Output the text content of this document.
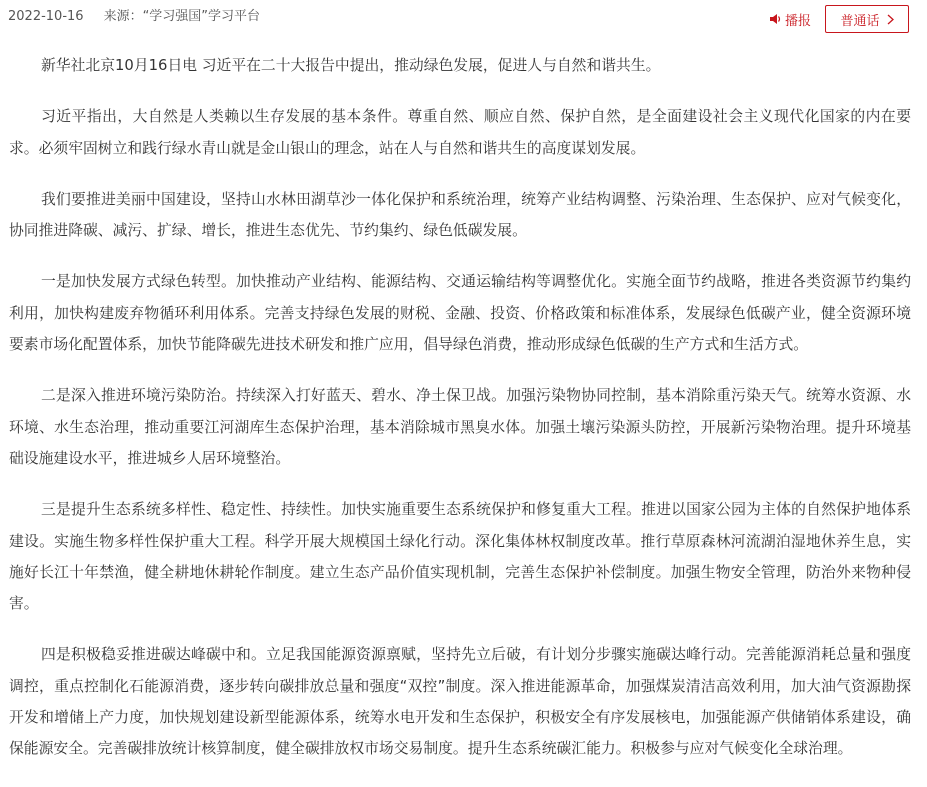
2022-10-16 来源：“学习强国”学习平台	播报 普通话

新华社北京10月16日电 习近平在二十大报告中提出，推动绿色发展，促进人与自然和谐共生。

习近平指出，大自然是人类赖以生存发展的基本条件。尊重自然、顺应自然、保护自然，是全面建设社会主义现代化国家的内在要求。必须牢固树立和践行绿水青山就是金山银山的理念，站在人与自然和谐共生的高度谋划发展。

我们要推进美丽中国建设，坚持山水林田湖草沙一体化保护和系统治理，统筹产业结构调整、污染治理、生态保护、应对气候变化，协同推进降碳、减污、扩绿、增长，推进生态优先、节约集约、绿色低碳发展。

一是加快发展方式绿色转型。加快推动产业结构、能源结构、交通运输结构等调整优化。实施全面节约战略，推进各类资源节约集约利用，加快构建废弃物循环利用体系。完善支持绿色发展的财税、金融、投资、价格政策和标准体系，发展绿色低碳产业，健全资源环境要素市场化配置体系，加快节能降碳先进技术研发和推广应用，倡导绿色消费，推动形成绿色低碳的生产方式和生活方式。

二是深入推进环境污染防治。持续深入打好蓝天、碧水、净土保卫战。加强污染物协同控制，基本消除重污染天气。统筹水资源、水环境、水生态治理，推动重要江河湖库生态保护治理，基本消除城市黑臭水体。加强土壤污染源头防控，开展新污染物治理。提升环境基础设施建设水平，推进城乡人居环境整治。

三是提升生态系统多样性、稳定性、持续性。加快实施重要生态系统保护和修复重大工程。推进以国家公园为主体的自然保护地体系建设。实施生物多样性保护重大工程。科学开展大规模国土绿化行动。深化集体林权制度改革。推行草原森林河流湖泊湿地休养生息，实施好长江十年禁渔，健全耕地休耕轮作制度。建立生态产品价值实现机制，完善生态保护补偿制度。加强生物安全管理，防治外来物种侵害。

四是积极稳妥推进碳达峰碳中和。立足我国能源资源禀赋，坚持先立后破，有计划分步骤实施碳达峰行动。完善能源消耗总量和强度调控，重点控制化石能源消费，逐步转向碳排放总量和强度“双控”制度。深入推进能源革命，加强煤炭清洁高效利用，加大油气资源勘探开发和增储上产力度，加快规划建设新型能源体系，统筹水电开发和生态保护，积极安全有序发展核电，加强能源产供储销体系建设，确保能源安全。完善碳排放统计核算制度，健全碳排放权市场交易制度。提升生态系统碳汇能力。积极参与应对气候变化全球治理。
